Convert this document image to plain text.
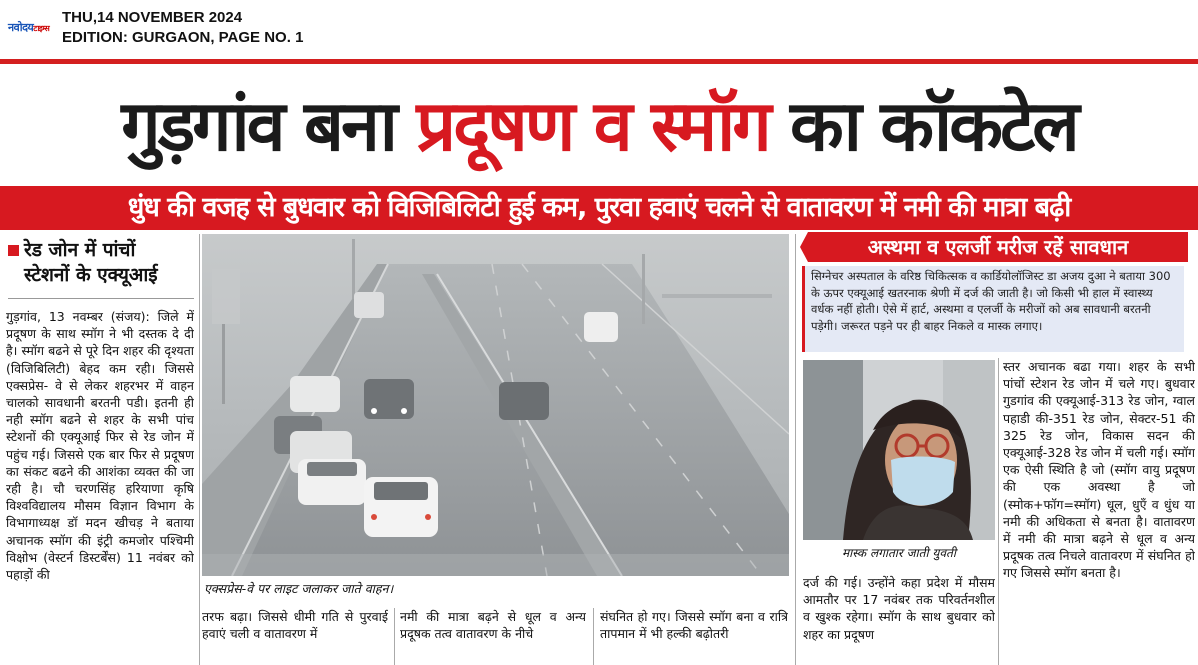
नवोदयटाइम्स
THU,14 NOVEMBER 2024
EDITION: GURGAON, PAGE NO. 1
गुड़गांव बना प्रदूषण व स्मॉग का कॉकटेल
धुंध की वजह से बुधवार को विजिबिलिटी हुई कम, पुरवा हवाएं चलने से वातावरण में नमी की मात्रा बढ़ी
रेड जोन में पांचों
स्टेशनों के एक्यूआई
गुड़गांव, 13 नवम्बर (संजय): जिले में प्रदूषण के साथ स्मॉग ने भी दस्तक दे दी है। स्मॉग बढने से पूरे दिन शहर की दृश्यता (विजिबिलिटी) बेहद कम रही। जिससे एक्सप्रेस- वे से लेकर शहरभर में वाहन चालको सावधानी बरतनी पडी। इतनी ही नही स्मॉग बढने से शहर के सभी पांच स्टेशनों की एक्यूआई फिर से रेड जोन में पहुंच गई। जिससे एक बार फिर से प्रदूषण का संकट बढने की आशंका व्यक्त की जा रही है। चौ चरणसिंह हरियाणा कृषि विश्वविद्यालय मौसम विज्ञान विभाग के विभागाध्यक्ष डॉ मदन खीचड़ ने बताया अचानक स्मॉग की इंट्री कमजोर पश्चिमी विक्षोभ (वेस्टर्न डिस्टर्बेंस) 11 नवंबर को पहाड़ों की
एक्सप्रेस-वे पर लाइट जलाकर जाते वाहन।
तरफ बढ़ा। जिससे धीमी गति से पुरवाई हवाएं चली व वातावरण में
नमी की मात्रा बढ़ने से धूल व अन्य प्रदूषक तत्व वातावरण के नीचे
संघनित हो गए। जिससे स्मॉग बना व रात्रि तापमान में भी हल्की बढ़ोतरी
अस्थमा व एलर्जी मरीज रहें सावधान
सिग्नेचर अस्पताल के वरिष्ठ चिकित्सक व कार्डियोलॉजिस्ट डा अजय दुआ ने बताया 300 के ऊपर एक्यूआई खतरनाक श्रेणी में दर्ज की जाती है। जो किसी भी हाल में स्वास्थ्य वर्धक नहीं होती। ऐसे में हार्ट, अस्थमा व एलर्जी के मरीजों को अब सावधानी बरतनी पड़ेगी। जरूरत पड़ने पर ही बाहर निकले व मास्क लगाए।
मास्क लगातार जाती युवती
दर्ज की गई। उन्होंने कहा प्रदेश में मौसम आमतौर पर 17 नवंबर तक परिवर्तनशील व खुश्क रहेगा। स्मॉग के साथ बुधवार को शहर का प्रदूषण
स्तर अचानक बढा गया। शहर के सभी पांचों स्टेशन रेड जोन में चले गए। बुधवार गुडगांव की एक्यूआई-313 रेड जोन, ग्वाल पहाडी की-351 रेड जोन, सेक्टर-51 की 325 रेड जोन, विकास सदन की एक्यूआई-328 रेड जोन में चली गई। स्मॉग एक ऐसी स्थिति है जो (स्मॉग वायु प्रदूषण की एक अवस्था है जो (स्मोक+फॉग=स्मॉग) धूल, धुएँ व धुंध या नमी की अधिकता से बनता है। वातावरण में नमी की मात्रा बढ़ने से धूल व अन्य प्रदूषक तत्व निचले वातावरण में संघनित हो गए जिससे स्मॉग बनता है।
